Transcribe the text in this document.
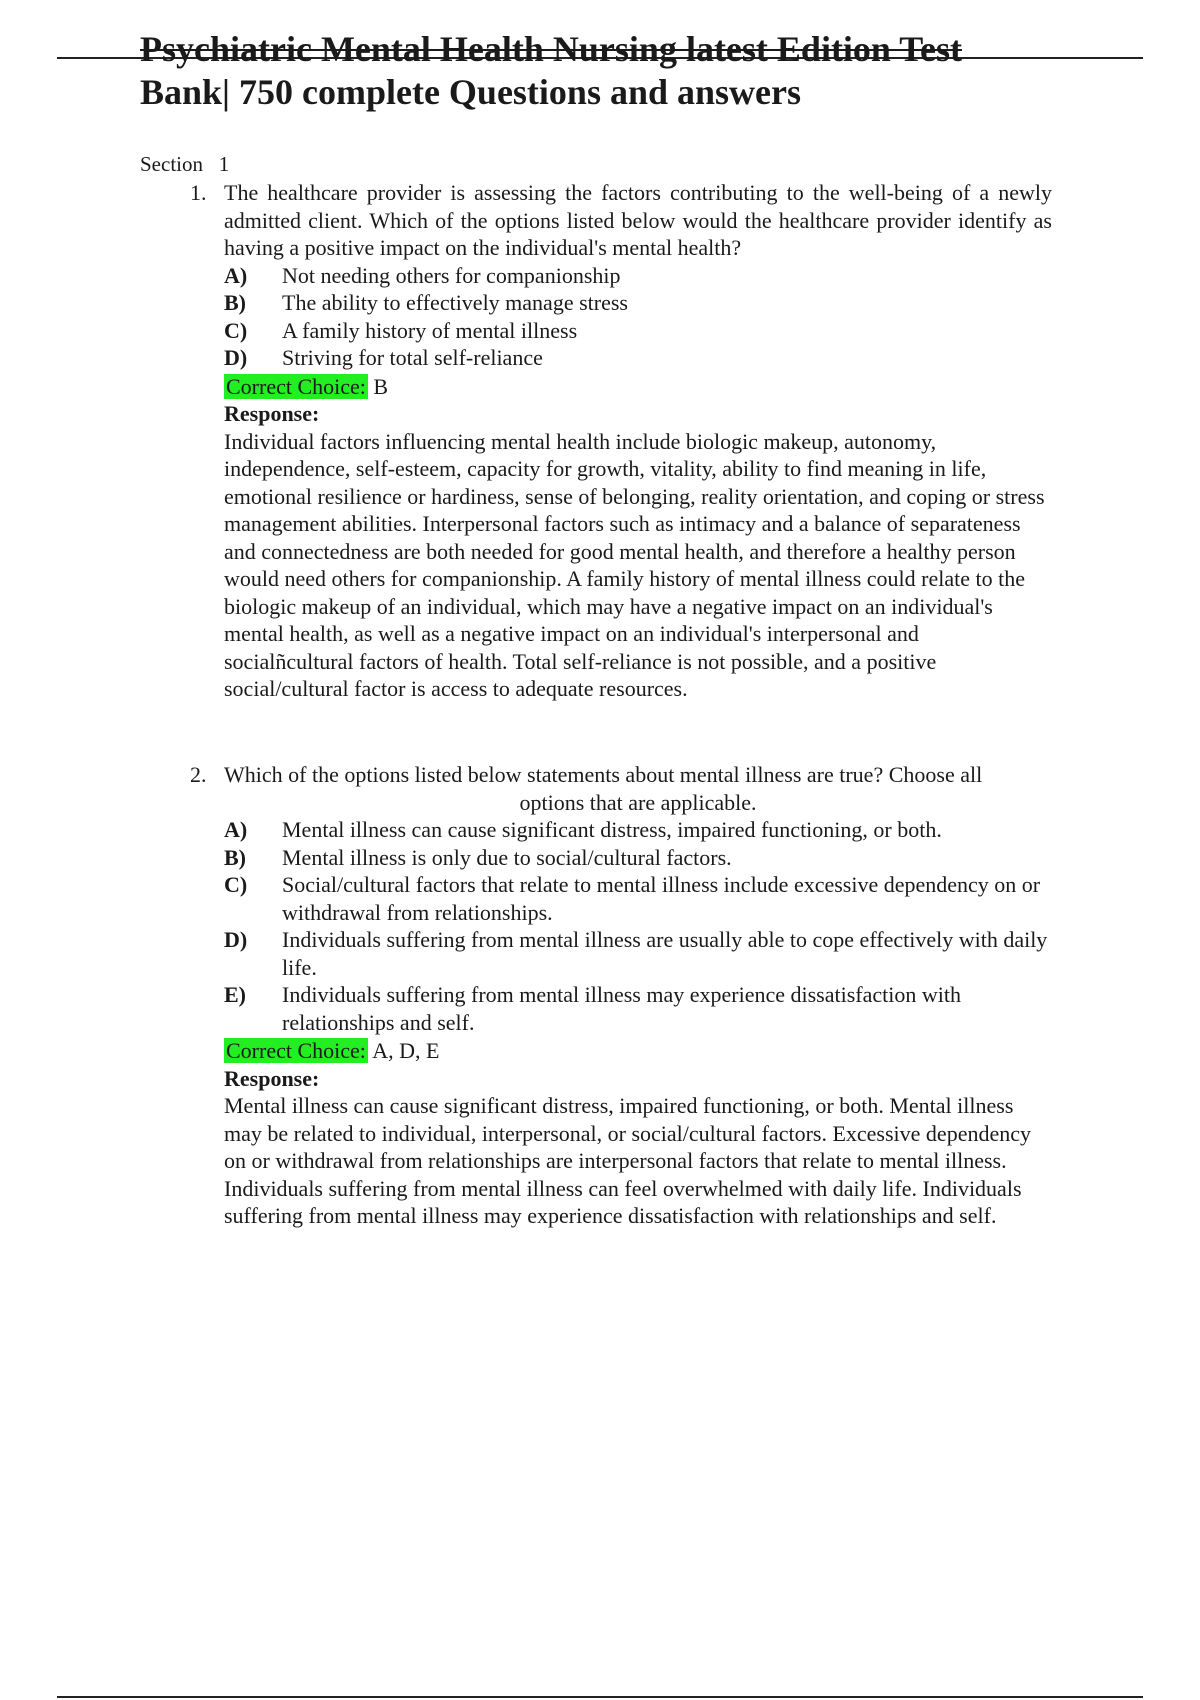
Psychiatric Mental Health Nursing latest Edition Test
Bank| 750 complete Questions and answers
Section   1
1. The healthcare provider is assessing the factors contributing to the well-being of a newly admitted client. Which of the options listed below would the healthcare provider identify as having a positive impact on the individual's mental health?
A) Not needing others for companionship
B) The ability to effectively manage stress
C) A family history of mental illness
D) Striving for total self-reliance
Correct Choice: B
Response:
Individual factors influencing mental health include biologic makeup, autonomy, independence, self-esteem, capacity for growth, vitality, ability to find meaning in life, emotional resilience or hardiness, sense of belonging, reality orientation, and coping or stress management abilities. Interpersonal factors such as intimacy and a balance of separateness and connectedness are both needed for good mental health, and therefore a healthy person would need others for companionship. A family history of mental illness could relate to the biologic makeup of an individual, which may have a negative impact on an individual's mental health, as well as a negative impact on an individual's interpersonal and socialñcultural factors of health. Total self-reliance is not possible, and a positive social/cultural factor is access to adequate resources.
2. Which of the options listed below statements about mental illness are true? Choose all
options that are applicable.
A) Mental illness can cause significant distress, impaired functioning, or both.
B) Mental illness is only due to social/cultural factors.
C) Social/cultural factors that relate to mental illness include excessive dependency on or withdrawal from relationships.
D) Individuals suffering from mental illness are usually able to cope effectively with daily life.
E) Individuals suffering from mental illness may experience dissatisfaction with relationships and self.
Correct Choice: A, D, E
Response:
Mental illness can cause significant distress, impaired functioning, or both. Mental illness may be related to individual, interpersonal, or social/cultural factors. Excessive dependency on or withdrawal from relationships are interpersonal factors that relate to mental illness. Individuals suffering from mental illness can feel overwhelmed with daily life. Individuals suffering from mental illness may experience dissatisfaction with relationships and self.
